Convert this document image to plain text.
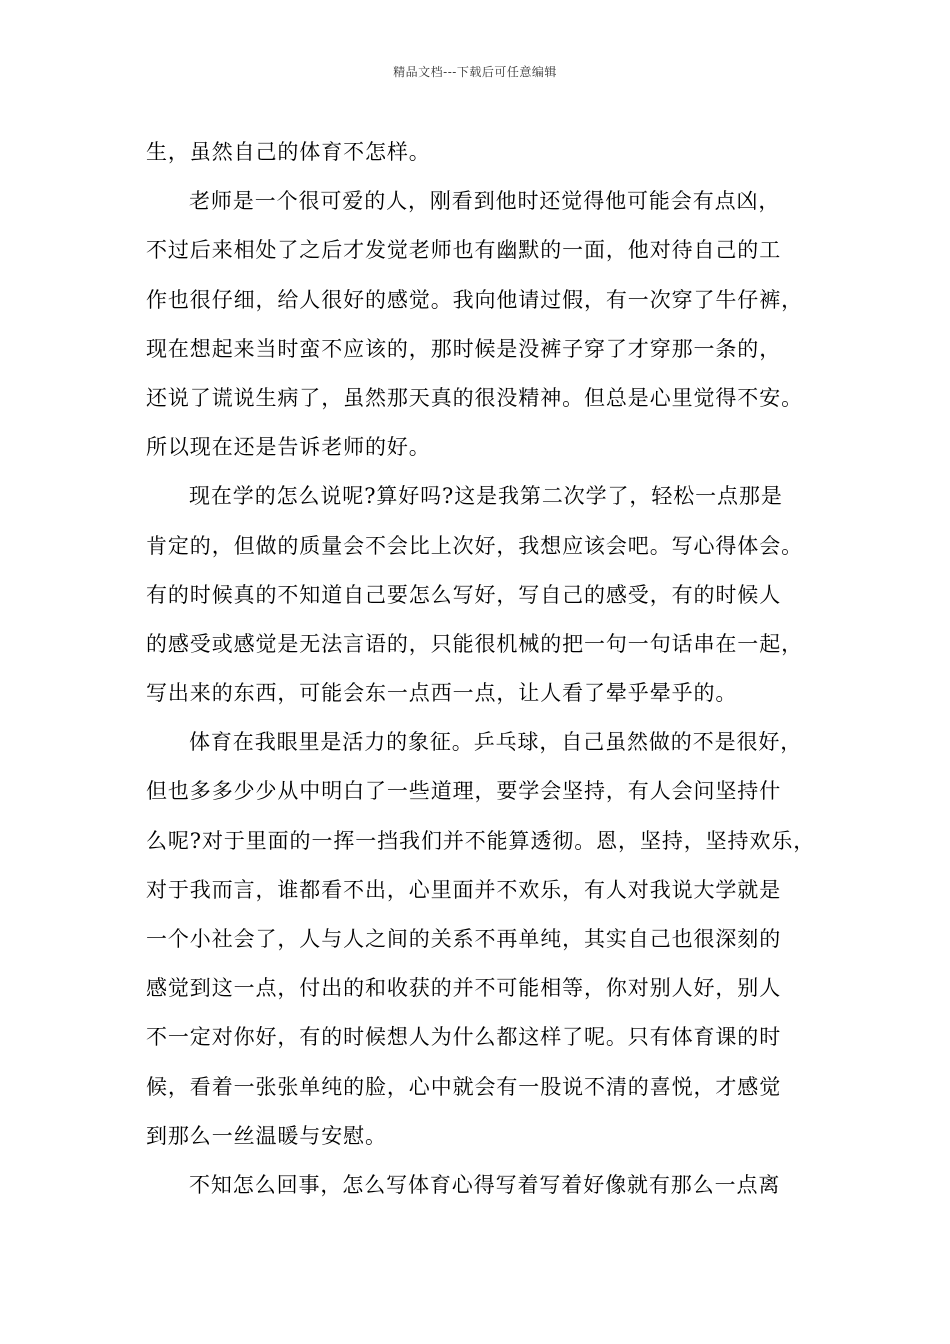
精品文档---下载后可任意编辑
生，虽然自己的体育不怎样。
老师是一个很可爱的人，刚看到他时还觉得他可能会有点凶，
不过后来相处了之后才发觉老师也有幽默的一面，他对待自己的工
作也很仔细，给人很好的感觉。我向他请过假，有一次穿了牛仔裤，
现在想起来当时蛮不应该的，那时候是没裤子穿了才穿那一条的，
还说了谎说生病了，虽然那天真的很没精神。但总是心里觉得不安。
所以现在还是告诉老师的好。
现在学的怎么说呢?算好吗?这是我第二次学了，轻松一点那是
肯定的，但做的质量会不会比上次好，我想应该会吧。写心得体会。
有的时候真的不知道自己要怎么写好，写自己的感受，有的时候人
的感受或感觉是无法言语的，只能很机械的把一句一句话串在一起，
写出来的东西，可能会东一点西一点，让人看了晕乎晕乎的。
体育在我眼里是活力的象征。乒乓球，自己虽然做的不是很好，
但也多多少少从中明白了一些道理，要学会坚持，有人会问坚持什
么呢?对于里面的一挥一挡我们并不能算透彻。恩，坚持，坚持欢乐，
对于我而言，谁都看不出，心里面并不欢乐，有人对我说大学就是
一个小社会了，人与人之间的关系不再单纯，其实自己也很深刻的
感觉到这一点，付出的和收获的并不可能相等，你对别人好，别人
不一定对你好，有的时候想人为什么都这样了呢。只有体育课的时
候，看着一张张单纯的脸，心中就会有一股说不清的喜悦，才感觉
到那么一丝温暖与安慰。
不知怎么回事，怎么写体育心得写着写着好像就有那么一点离
